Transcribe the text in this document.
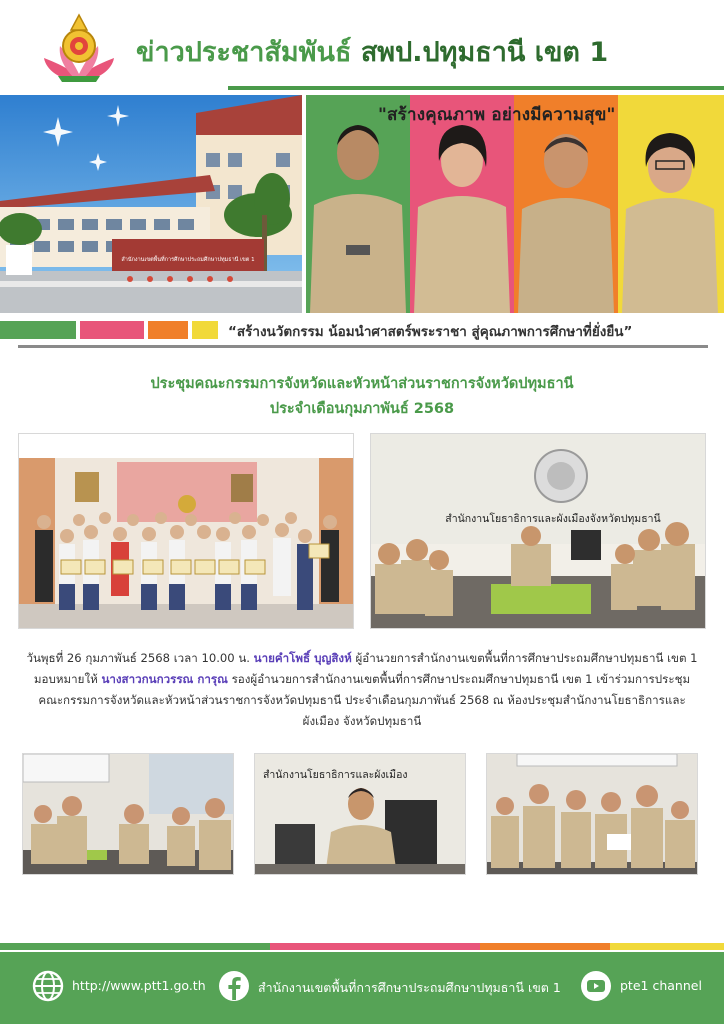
ข่าวประชาสัมพันธ์ สพป.ปทุมธานี เขต 1
สำนักงานเขตพื้นที่การศึกษาประถมศึกษาปทุมธานี เขต 1
"สร้างคุณภาพ อย่างมีความสุข"
“สร้างนวัตกรรม น้อมนำศาสตร์พระราชา สู่คุณภาพการศึกษาที่ยั่งยืน”
ประชุมคณะกรรมการจังหวัดและหัวหน้าส่วนราชการจังหวัดปทุมธานี
ประจำเดือนกุมภาพันธ์ 2568
สำนักงานโยธาธิการและผังเมืองจังหวัดปทุมธานี
วันพุธที่ 26 กุมภาพันธ์ 2568 เวลา 10.00 น. นายคำโพธิ์ บุญสิงห์ ผู้อำนวยการสำนักงานเขตพื้นที่การศึกษาประถมศึกษาปทุมธานี เขต 1 มอบหมายให้ นางสาวกนกวรรณ การุณ รองผู้อำนวยการสำนักงานเขตพื้นที่การศึกษาประถมศึกษาปทุมธานี เขต 1 เข้าร่วมการประชุมคณะกรรมการจังหวัดและหัวหน้าส่วนราชการจังหวัดปทุมธานี ประจำเดือนกุมภาพันธ์ 2568 ณ ห้องประชุมสำนักงานโยธาธิการและผังเมือง จังหวัดปทุมธานี
สำนักงานโยธาธิการและผังเมือง
http://www.ptt1.go.th	สำนักงานเขตพื้นที่การศึกษาประถมศึกษาปทุมธานี เขต 1	pte1 channel
